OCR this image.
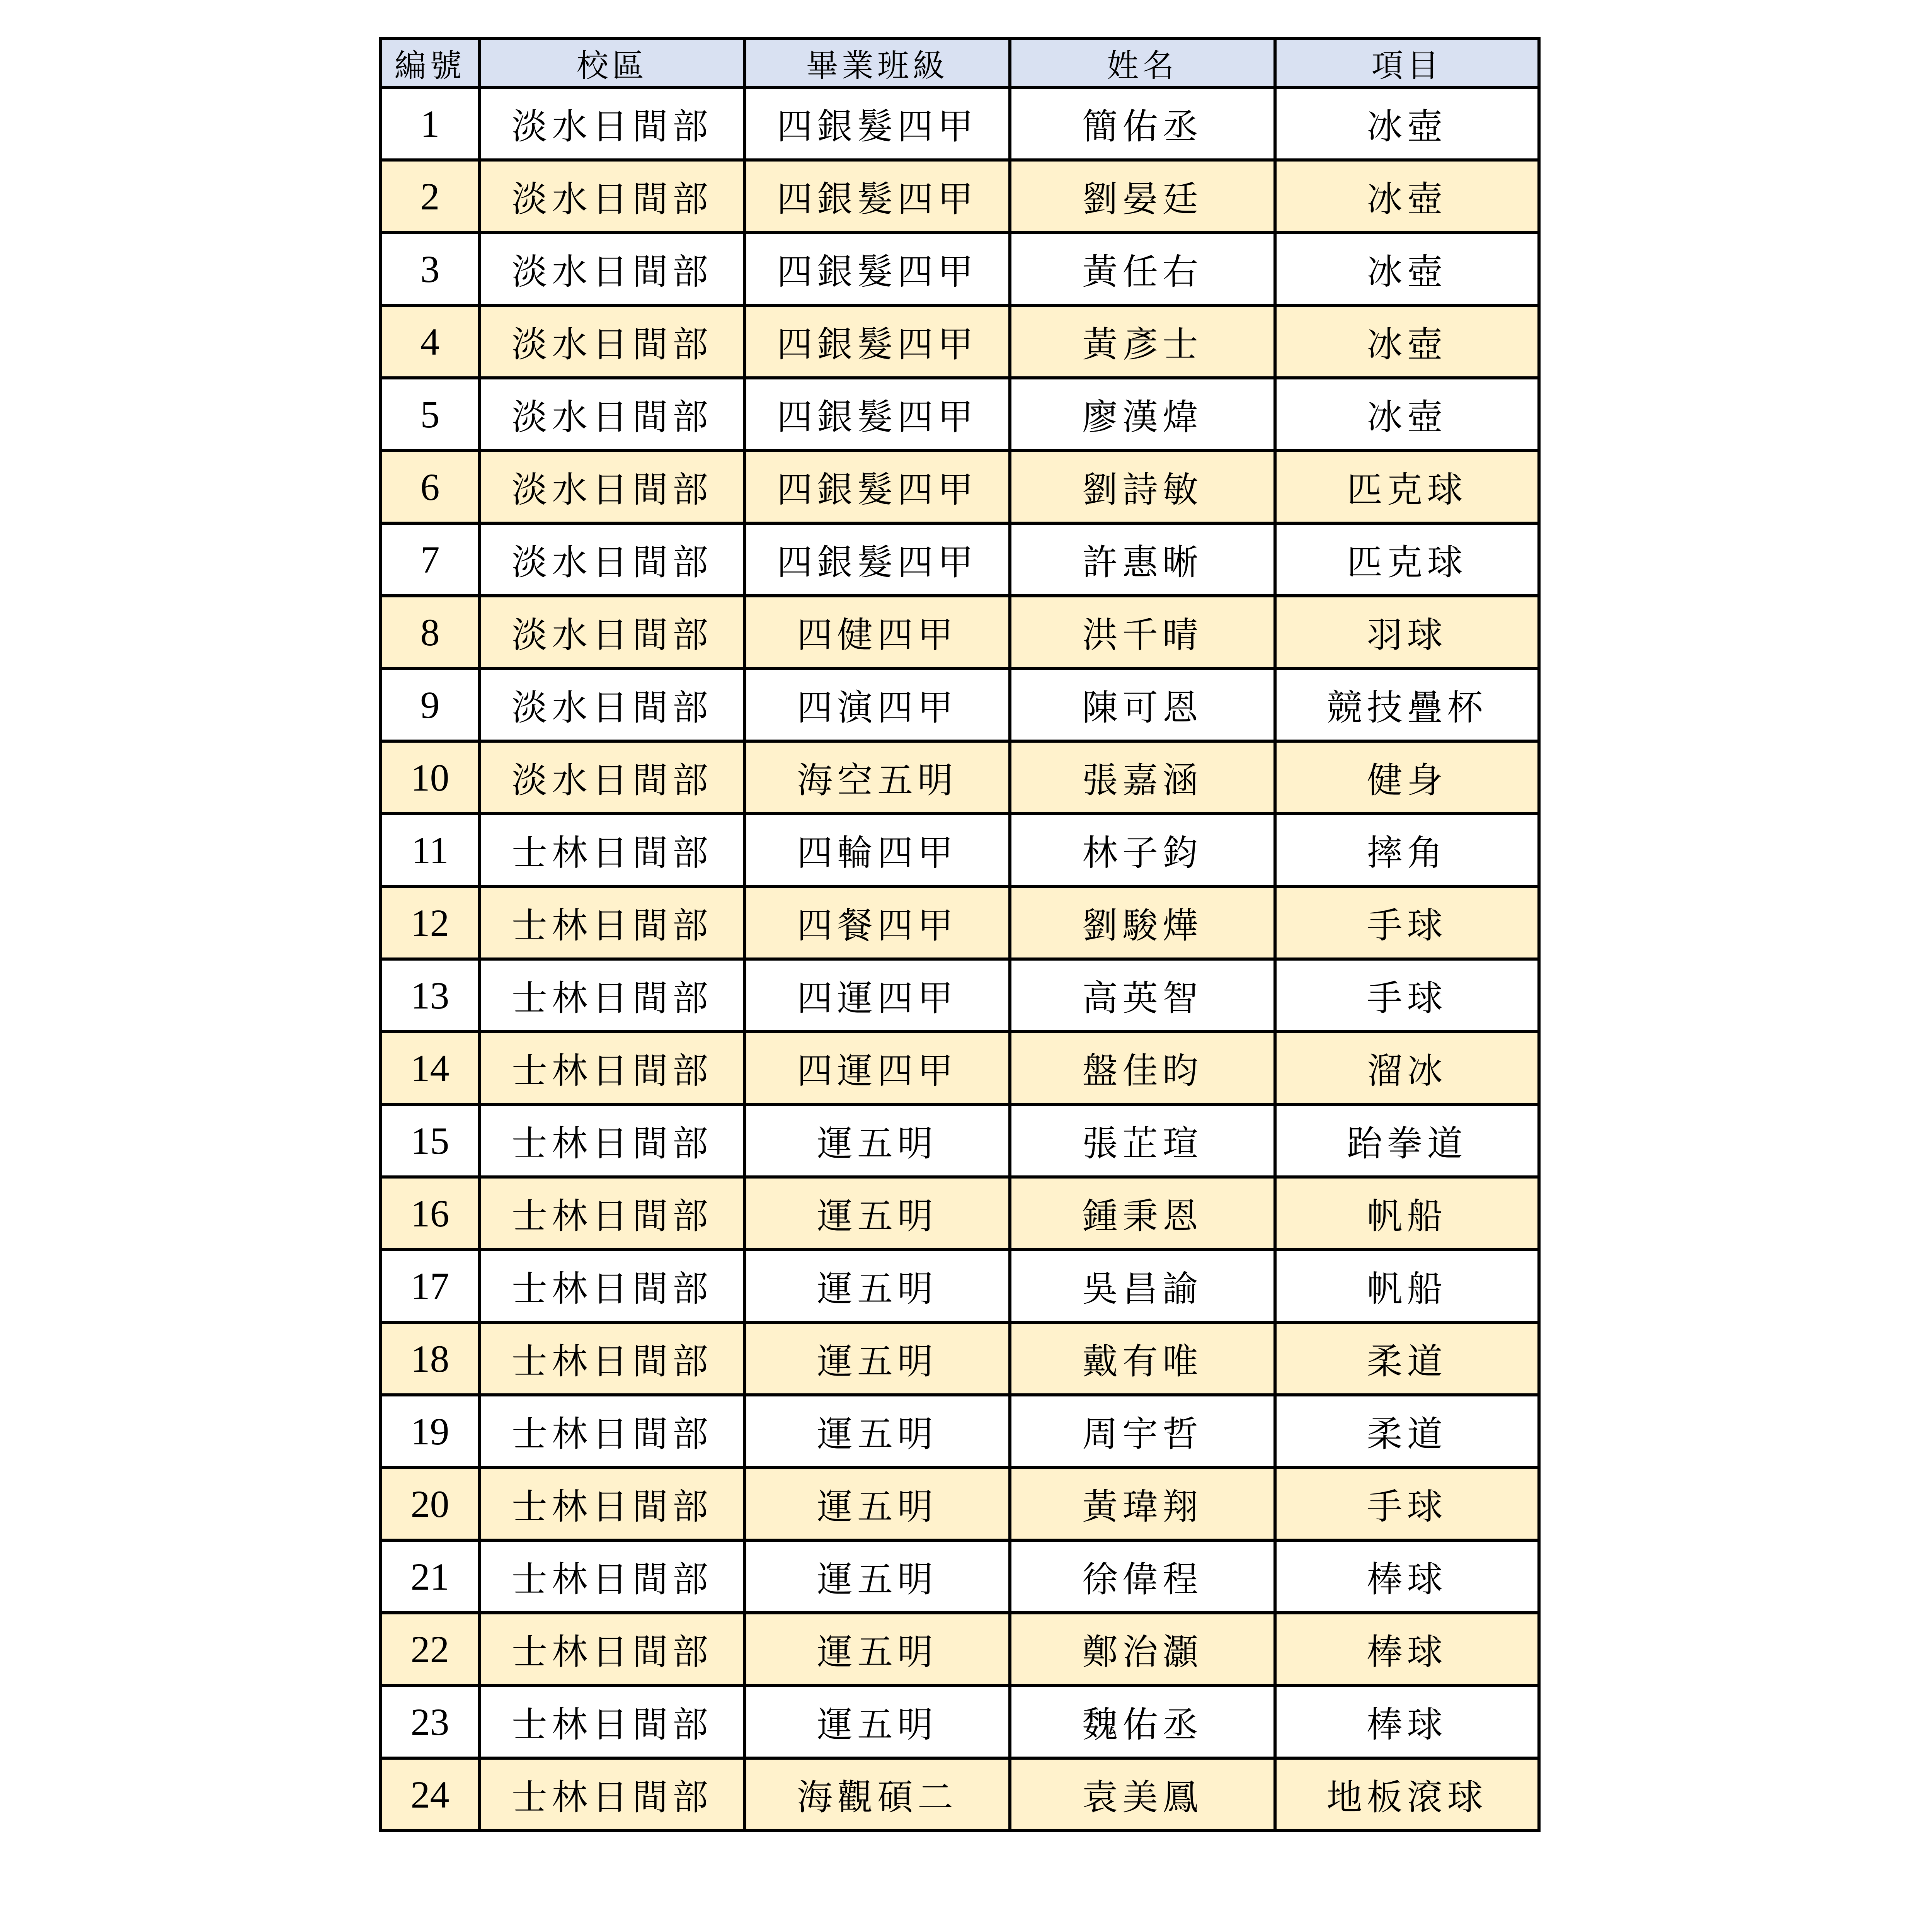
編號	校區	畢業班級	姓名	項目
1	淡水日間部	四銀髮四甲	簡佑丞	冰壺
2	淡水日間部	四銀髮四甲	劉晏廷	冰壺
3	淡水日間部	四銀髮四甲	黃任右	冰壺
4	淡水日間部	四銀髮四甲	黃彥士	冰壺
5	淡水日間部	四銀髮四甲	廖漢煒	冰壺
6	淡水日間部	四銀髮四甲	劉詩敏	匹克球
7	淡水日間部	四銀髮四甲	許惠晰	匹克球
8	淡水日間部	四健四甲	洪千晴	羽球
9	淡水日間部	四演四甲	陳可恩	競技疊杯
10	淡水日間部	海空五明	張嘉涵	健身
11	士林日間部	四輪四甲	林子鈞	摔角
12	士林日間部	四餐四甲	劉駿燁	手球
13	士林日間部	四運四甲	高英智	手球
14	士林日間部	四運四甲	盤佳昀	溜冰
15	士林日間部	運五明	張芷瑄	跆拳道
16	士林日間部	運五明	鍾秉恩	帆船
17	士林日間部	運五明	吳昌諭	帆船
18	士林日間部	運五明	戴有唯	柔道
19	士林日間部	運五明	周宇哲	柔道
20	士林日間部	運五明	黃瑋翔	手球
21	士林日間部	運五明	徐偉程	棒球
22	士林日間部	運五明	鄭治灝	棒球
23	士林日間部	運五明	魏佑丞	棒球
24	士林日間部	海觀碩二	袁美鳳	地板滾球
